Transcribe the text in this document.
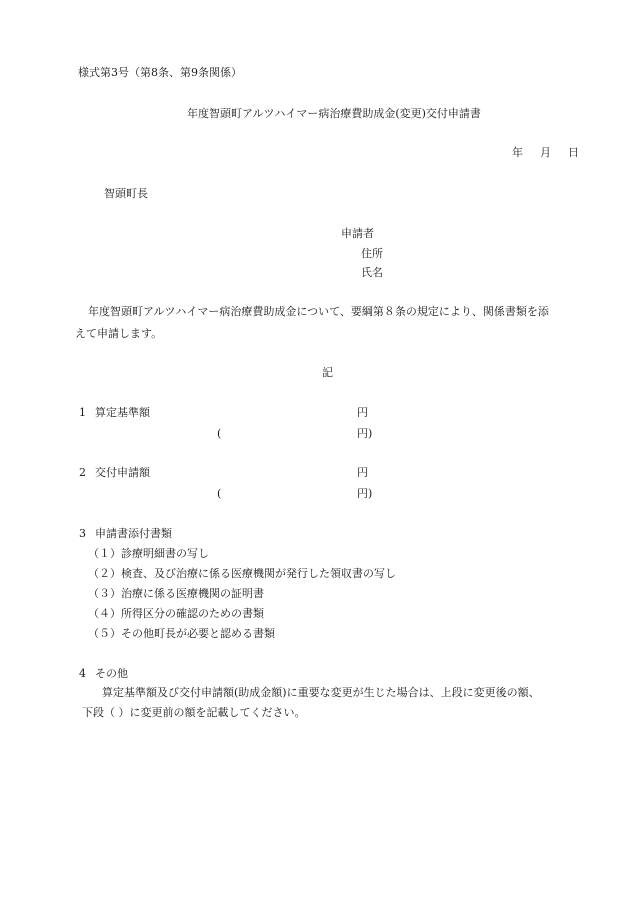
様式第3号（第8条、第9条関係）
年度智頭町アルツハイマー病治療費助成金(変更)交付申請書
年 月 日
智頭町長
申請者
住所
氏名
年度智頭町アルツハイマー病治療費助成金について、要綱第８条の規定により、関係書類を添
えて申請します。
記
1 算定基準額	円
(	円)
2 交付申請額	円
(	円)
3 申請書添付書類
（１）診療明細書の写し
（２）検査、及び治療に係る医療機関が発行した領収書の写し
（３）治療に係る医療機関の証明書
（４）所得区分の確認のための書類
（５）その他町長が必要と認める書類
4 その他
算定基準額及び交付申請額(助成金額)に重要な変更が生じた場合は、上段に変更後の額、
下段（ ）に変更前の額を記載してください。
